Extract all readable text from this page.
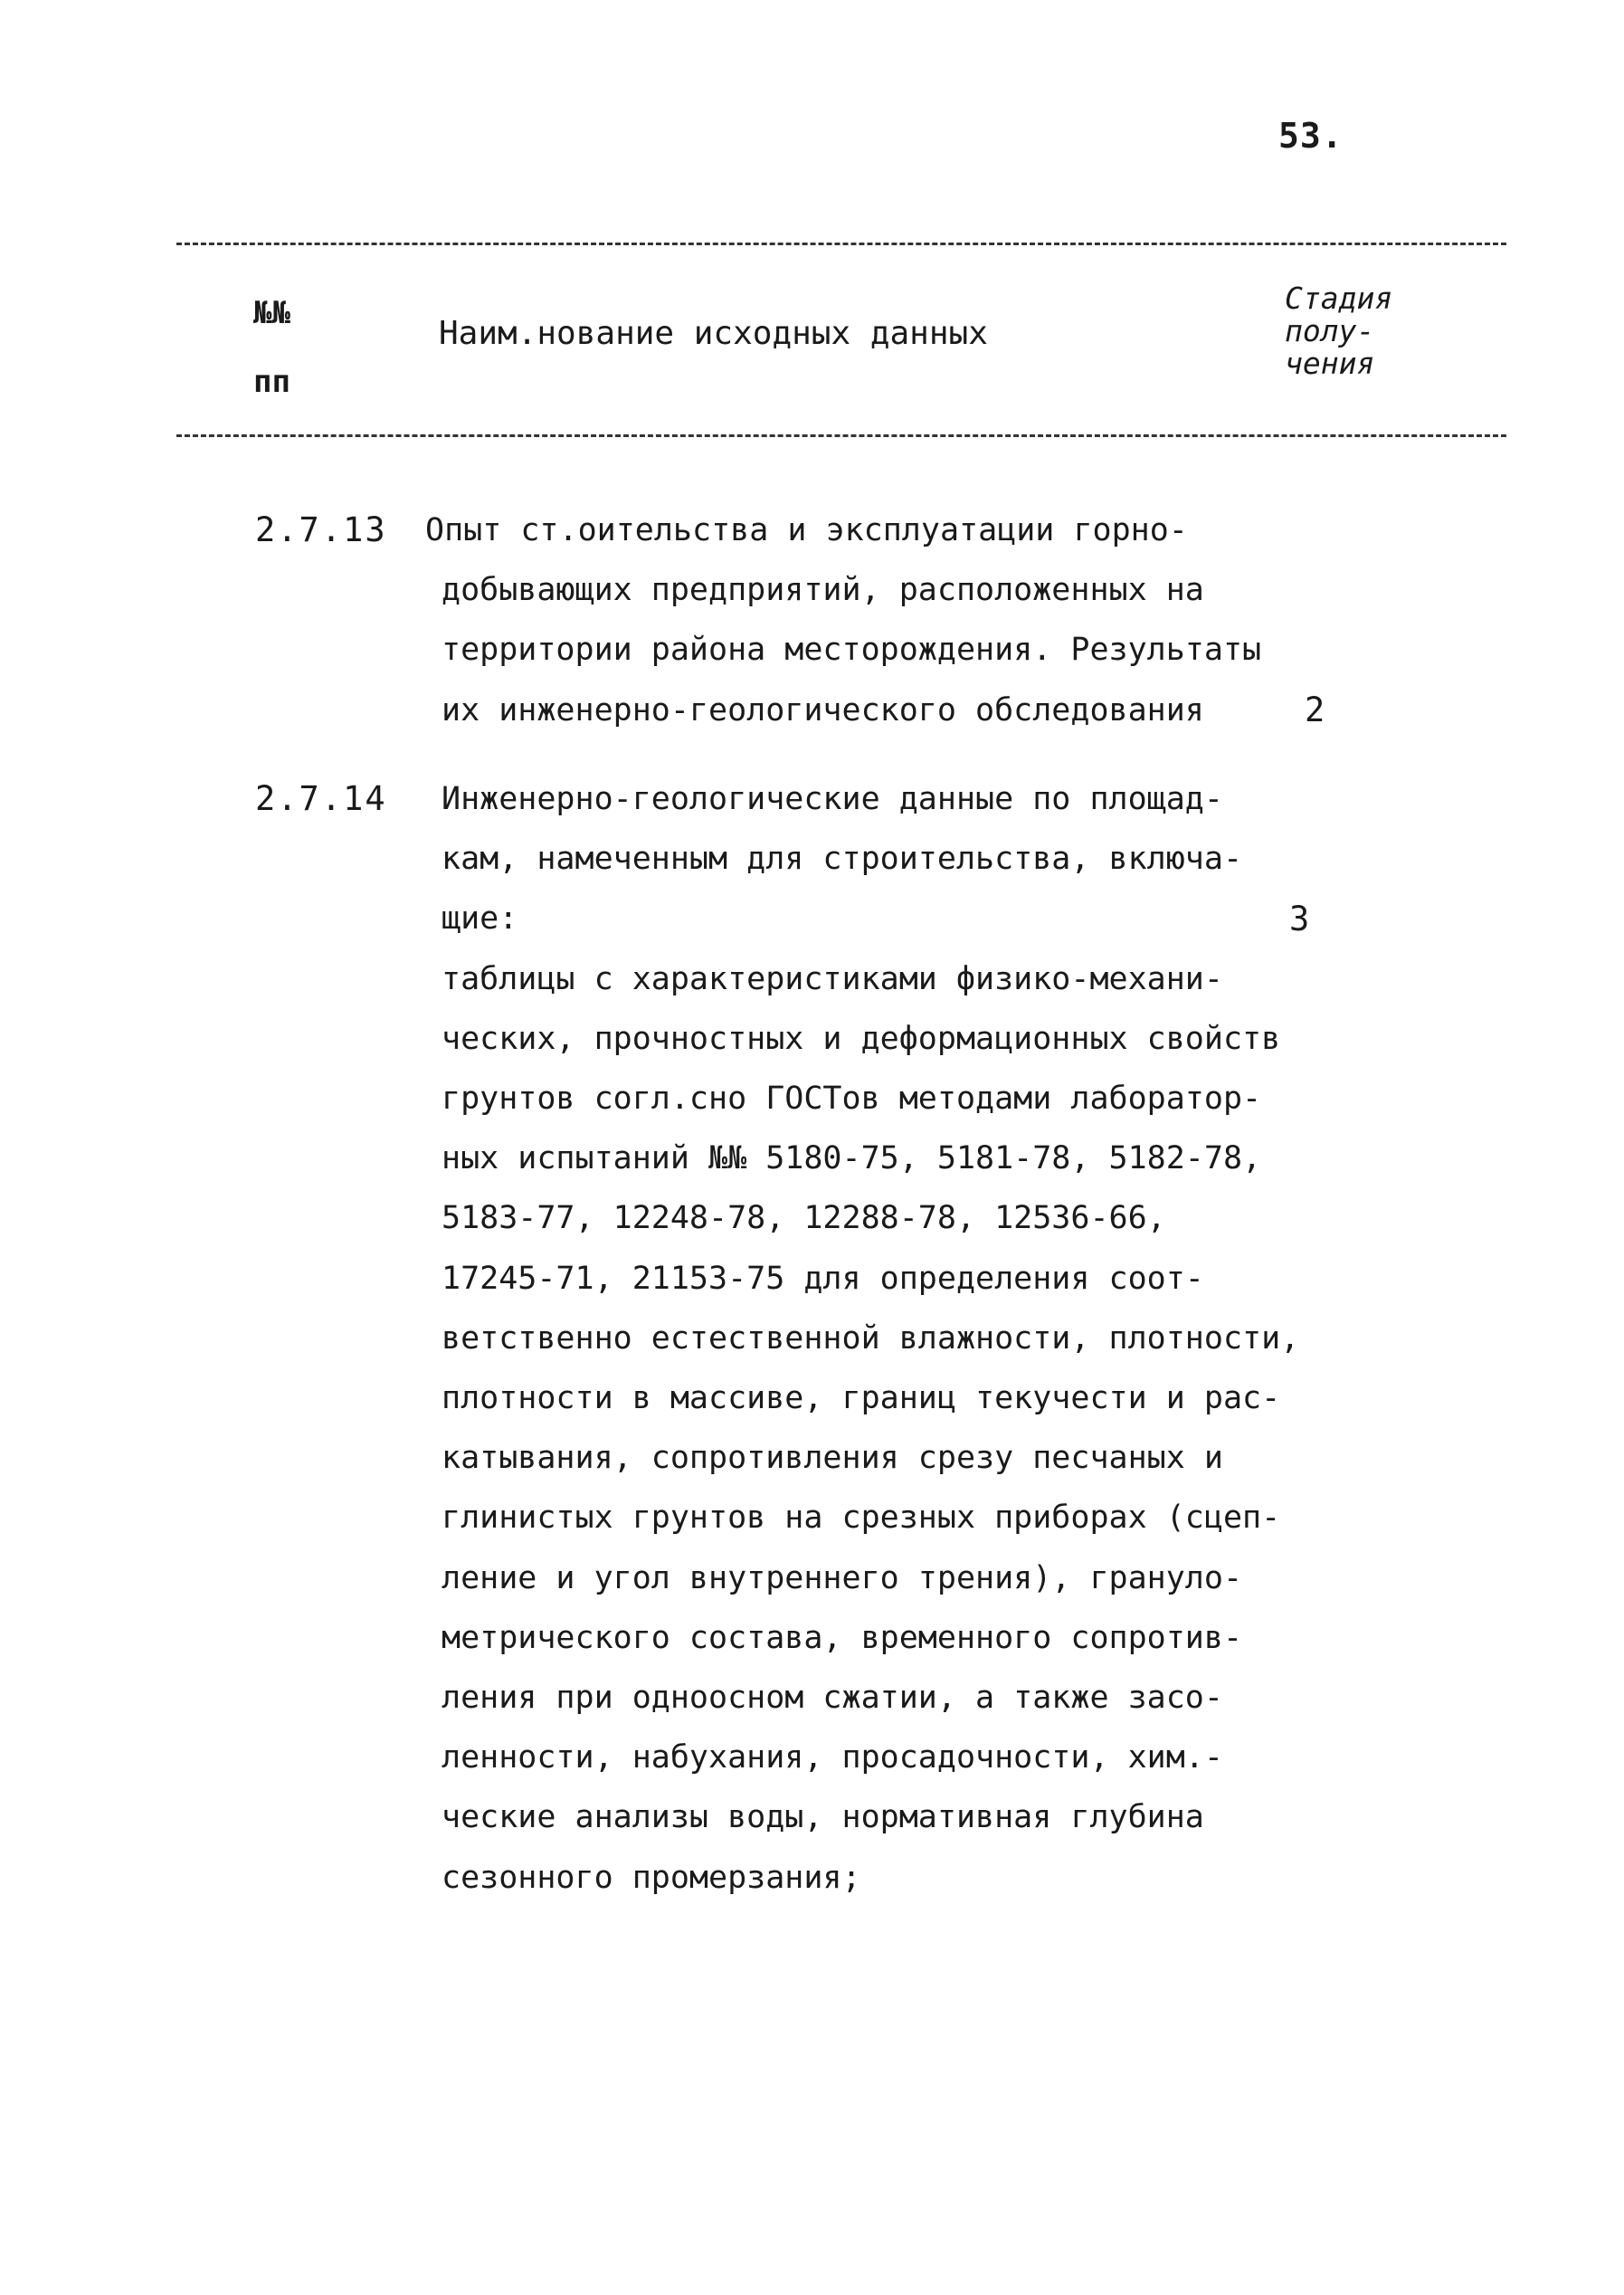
53.
№№
пп
Наим.нование исходных данных
Стадия
полу-
чения
2.7.13 Опыт ст.оительства и эксплуатации горно-
добывающих предприятий, расположенных на
территории района месторождения. Результаты
их инженерно-геологического обследования	2
2.7.14 Инженерно-геологические данные по площад-
кам, намеченным для строительства, включа-
щие:
таблицы с характеристиками физико-механи-
ческих, прочностных и деформационных свойств
грунтов согл.сно ГОСТов методами лаборатор-
ных испытаний №№ 5180-75, 5181-78, 5182-78,
5183-77, 12248-78, 12288-78, 12536-66,
17245-71, 21153-75 для определения соот-
ветственно естественной влажности, плотности,
плотности в массиве, границ текучести и рас-
катывания, сопротивления срезу песчаных и
глинистых грунтов на срезных приборах (сцеп-
ление и угол внутреннего трения), грануло-
метрического состава, временного сопротив-
ления при одноосном сжатии, а также засо-
ленности, набухания, просадочности, хим.-
ческие анализы воды, нормативная глубина
сезонного промерзания;
3
